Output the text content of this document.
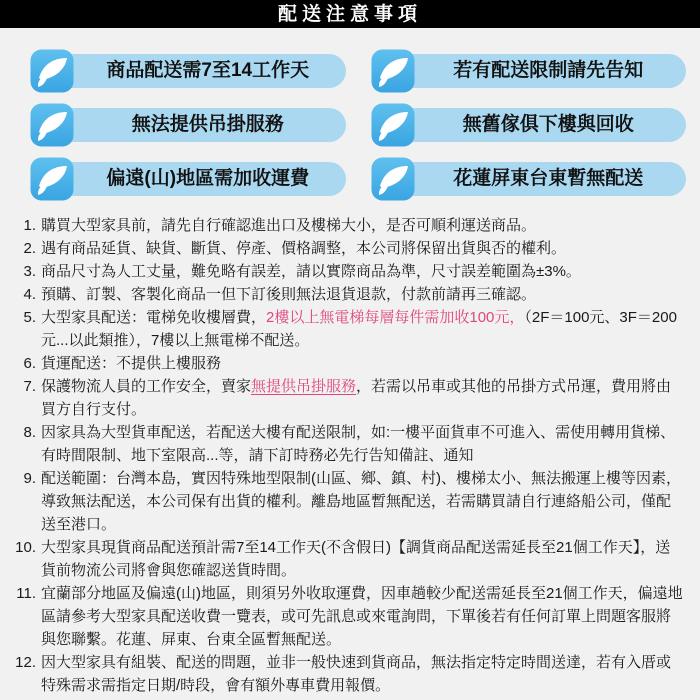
配送注意事項
商品配送需7至14工作天	若有配送限制請先告知
無法提供吊掛服務	無舊傢俱下樓與回收
偏遠(山)地區需加收運費	花蓮屏東台東暫無配送
1. 購買大型家具前，請先自行確認進出口及樓梯大小，是否可順利運送商品。
2. 遇有商品延貨、缺貨、斷貨、停產、價格調整，本公司將保留出貨與否的權利。
3. 商品尺寸為人工丈量，難免略有誤差，請以實際商品為準，尺寸誤差範圍為±3%。
4. 預購、訂製、客製化商品一但下訂後則無法退貨退款，付款前請再三確認。
5. 大型家具配送：電梯免收樓層費，2樓以上無電梯每層每件需加收100元，（2F＝100元、3F＝200元...以此類推），7樓以上無電梯不配送。
6. 貨運配送：不提供上樓服務
7. 保護物流人員的工作安全，賣家無提供吊掛服務，若需以吊車或其他的吊掛方式吊運，費用將由買方自行支付。
8. 因家具為大型貨車配送，若配送大樓有配送限制，如:一樓平面貨車不可進入、需使用轉用貨梯、有時間限制、地下室限高...等，請下訂時務必先行告知備註、通知
9. 配送範圍：台灣本島，實因特殊地型限制(山區、鄉、鎮、村)、樓梯太小、無法搬運上樓等因素，導致無法配送，本公司保有出貨的權利。離島地區暫無配送，若需購買請自行連絡船公司，僅配送至港口。
10. 大型家具現貨商品配送預計需7至14工作天(不含假日)【調貨商品配送需延長至21個工作天】，送貨前物流公司將會與您確認送貨時間。
11. 宜蘭部分地區及偏遠(山)地區，則須另外收取運費，因車趟較少配送需延長至21個工作天，偏遠地區請參考大型家具配送收費一覽表，或可先訊息或來電詢問，下單後若有任何訂單上問題客服將與您聯繫。花蓮、屏東、台東全區暫無配送。
12. 因大型家具有組裝、配送的問題，並非一般快速到貨商品，無法指定特定時間送達，若有入厝或特殊需求需指定日期/時段，會有額外專車費用報價。
